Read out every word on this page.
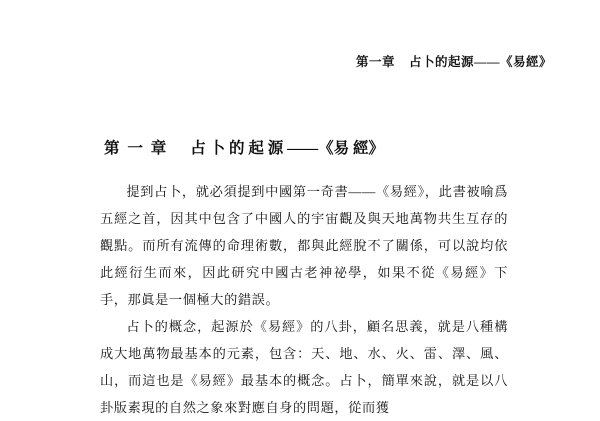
第一章 占卜的起源——《易經》
第 一 章 占 卜 的 起 源 ——《易 經》

提到占卜，就必須提到中國第一奇書——《易經》，此書被喻爲五經之首，因其中包含了中國人的宇宙觀及與天地萬物共生互存的觀點。而所有流傳的命理術數，都與此經脫不了關係，可以說均依此經衍生而來，因此研究中國古老神祕學，如果不從《易經》下手，那眞是一個極大的錯誤。

占卜的概念，起源於《易經》的八卦，顧名思義，就是八種構成大地萬物最基本的元素，包含：天、地、水、火、雷、澤、風、山，而這也是《易經》最基本的概念。占卜，簡單來說，就是以八卦版素現的自然之象來對應自身的問題，從而獲
